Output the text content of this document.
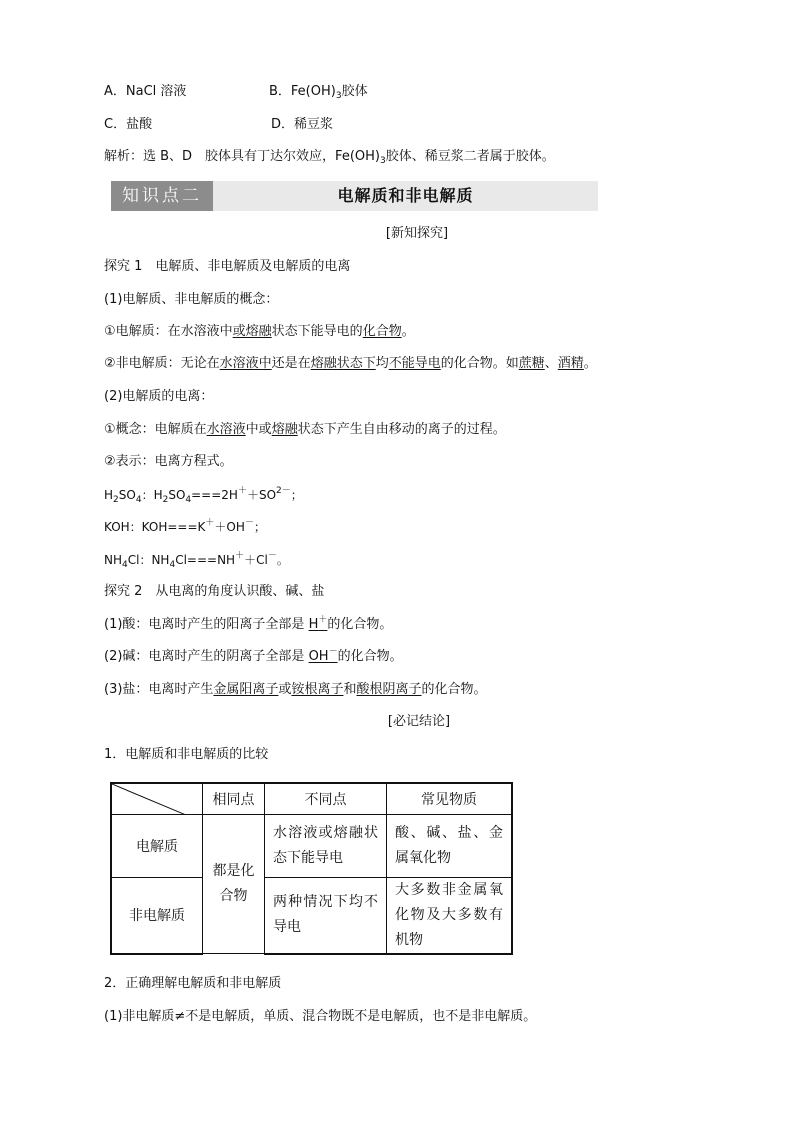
A．NaCl 溶液	B．$Fe(OH)_3$胶体
C．盐酸	D．稀豆浆
解析：选 B、D　胶体具有丁达尔效应，$Fe(OH)_3$胶体、稀豆浆二者属于胶体。
知识点二	电解质和非电解质
[新知探究]
探究 1　电解质、非电解质及电解质的电离
(1)电解质、非电解质的概念：
①电解质：在水溶液中或熔融状态下能导电的化合物。
②非电解质：无论在水溶液中还是在熔融状态下均不能导电的化合物。如蔗糖、酒精。
(2)电解质的电离：
①概念：电解质在水溶液中或熔融状态下产生自由移动的离子的过程。
②表示：电离方程式。
$H_2SO_4$：$H_2SO_4===2H^++SO^{2-}$；
KOH：KOH===K＋＋OH－；
$NH_4Cl$：$NH_4Cl===NH^++Cl^-$。
探究 2　从电离的角度认识酸、碱、盐
(1)酸：电离时产生的阳离子全部是 H＋的化合物。
(2)碱：电离时产生的阴离子全部是 OH－的化合物。
(3)盐：电离时产生金属阳离子或铵根离子和酸根阴离子的化合物。
[必记结论]
1．电解质和非电解质的比较
	相同点	不同点	常见物质
电解质	都是化合物	水溶液或熔融状态下能导电	酸、碱、盐、金属氧化物
非电解质		两种情况下均不导电	大多数非金属氧化物及大多数有机物
2．正确理解电解质和非电解质
(1)非电解质≠不是电解质，单质、混合物既不是电解质，也不是非电解质。
